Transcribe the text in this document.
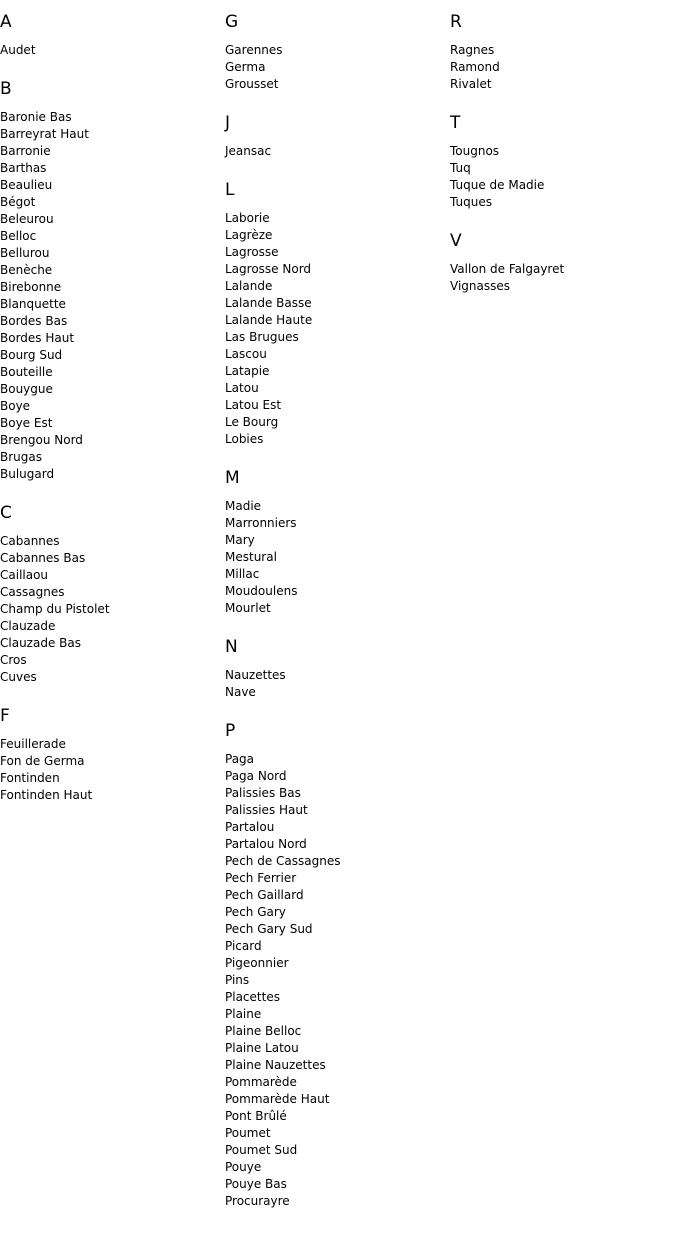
A
Audet
B
Baronie Bas
Barreyrat Haut
Barronie
Barthas
Beaulieu
Bégot
Beleurou
Belloc
Bellurou
Benèche
Birebonne
Blanquette
Bordes Bas
Bordes Haut
Bourg Sud
Bouteille
Bouygue
Boye
Boye Est
Brengou Nord
Brugas
Bulugard
C
Cabannes
Cabannes Bas
Caillaou
Cassagnes
Champ du Pistolet
Clauzade
Clauzade Bas
Cros
Cuves
F
Feuillerade
Fon de Germa
Fontinden
Fontinden Haut
G
Garennes
Germa
Grousset
J
Jeansac
L
Laborie
Lagrèze
Lagrosse
Lagrosse Nord
Lalande
Lalande Basse
Lalande Haute
Las Brugues
Lascou
Latapie
Latou
Latou Est
Le Bourg
Lobies
M
Madie
Marronniers
Mary
Mestural
Millac
Moudoulens
Mourlet
N
Nauzettes
Nave
P
Paga
Paga Nord
Palissies Bas
Palissies Haut
Partalou
Partalou Nord
Pech de Cassagnes
Pech Ferrier
Pech Gaillard
Pech Gary
Pech Gary Sud
Picard
Pigeonnier
Pins
Placettes
Plaine
Plaine Belloc
Plaine Latou
Plaine Nauzettes
Pommarède
Pommarède Haut
Pont Brûlé
Poumet
Poumet Sud
Pouye
Pouye Bas
Procurayre
R
Ragnes
Ramond
Rivalet
T
Tougnos
Tuq
Tuque de Madie
Tuques
V
Vallon de Falgayret
Vignasses
